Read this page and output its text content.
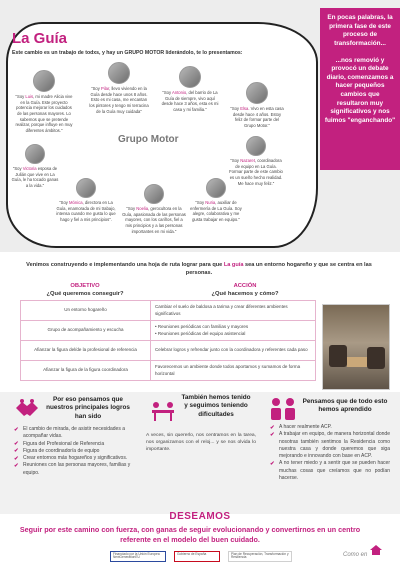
En pocas palabras, la primera fase de este proceso de transformación...
...nos removió y provocó un debate diario, comenzamos a hacer pequeños cambios que resultaron muy significativos y nos fuimos "enganchando"
La Guía
Este cambio es un trabajo de todxs, y hay un GRUPO MOTOR liderándolo, te lo presentamos:
Grupo Motor
"Soy Luis, mi madre Alicia vive en la Guía. Este proyecto potencia mejorar los cuidados de las personas mayores. Lo sabemos que se pretende realizar, porque influye en muy diferentes ámbitos."
"Soy Pilar, llevo viviendo en la Guía desde hace unos 8 años. Esto es mi casa, me encantan los pintores y tengo mi terracina de la Guía muy cuidada"
"Soy Antonio, del barrio de La Guía de siempre, vivo aquí desde hace 3 años, esta es mi casa y mi familia."	"Soy Elsa. Vivo en esta casa desde hace 4 años. Estoy feliz de formar parte del Grupo Motor."
"Soy Victoria esposa de Julián que vive en La Guía, le ha tocado ganas a la vida."
"Soy Nazaret, coordinadora de equipo en La Guía. Formar parte de este cambio es un sueño hecho realidad. Me hace muy feliz."
"Soy Mónica, directora en La Guía, enamorada de mi trabajo, intensa cuando me gusta lo que hago y fiel a mis principios".
"Soy Noelia, gerocultora en la Guía, apasionada de las personas mayores, con los cariños, fiel a mis principios y a las personas importantes en mi vida."
"Soy Nuria, auxiliar de enfermería de La Guía. Soy alegre, colaborativa y me gusta trabajar en equipo."
Venimos construyendo e implementando una hoja de ruta lograr para que La guía sea un entorno hogareño y que se centra en las personas.
OBJETIVO
¿Qué queremos conseguir?
ACCIÓN
¿Qué hacemos y cómo?
Un entorno hogareño	Cambiar el suelo de baldosa a tarima y crear diferentes ambientes significativos
Grupo de acompañamiento y escucha	• Reuniones periódicas con familias y mayores
• Reuniones periódicas del equipo asistencial
Afianzar la figura del/de la profesional de referencia	Celebrar logros y refrendar junto con la coordinadora y referentes cada paso
Afianzar la figura de la figura coordinadora	Favorecemos un ambiente donde todos aportamos y sumamos de forma horizontal
Por eso pensamos que nuestros principales logros han sido
✔ El cambio de mirada, de asistir necesidades a acompañar vidas.
✔ Figura del Profesional de Referencia
✔ Figura de coordinador/a de equipo
✔ Crear entornos más hogareños y significativos.
✔ Reuniones con las personas mayores, familias y equipo.
También hemos tenido y seguimos teniendo dificultades
A veces, sin quererlo, nos centramos en la tarea, nos organizamos con el reloj... y se nos olvida lo importante.
Pensamos que de todo esto hemos aprendido
✔ A hacer realmente ACP.
✔ A trabajar en equipo, de manera horizontal donde nosotras también sentimos la Residencia como nuestra casa y donde queremos que siga mejorando e innovando con base en ACP.
✔ A no tener miedo y a sentir que se pueden hacer muchas cosas que creíamos que no podían hacerse.
DESEAMOS
Seguir por este camino con fuerza, con ganas de seguir evolucionando y convertirnos en un centro referente en el modelo del buen cuidado.
Financiado por la Unión Europea NextGenerationEU
Gobierno de España	Plan de Recuperación, Transformación y Resiliencia	Como en
